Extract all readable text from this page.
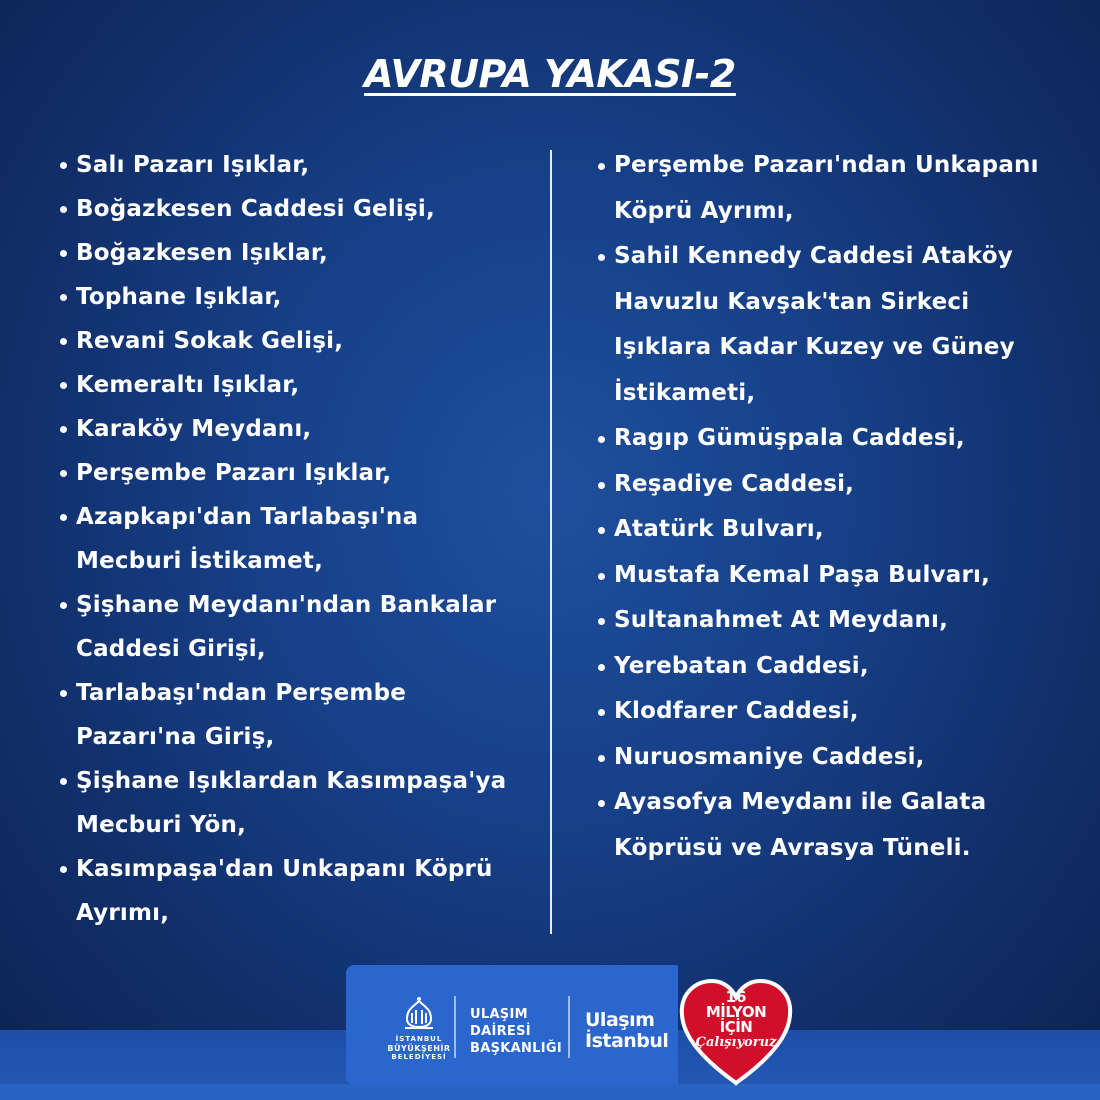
AVRUPA YAKASI-2
Salı Pazarı Işıklar,
Boğazkesen Caddesi Gelişi,
Boğazkesen Işıklar,
Tophane Işıklar,
Revani Sokak Gelişi,
Kemeraltı Işıklar,
Karaköy Meydanı,
Perşembe Pazarı Işıklar,
Azapkapı'dan Tarlabaşı'na
Mecburi İstikamet,
Şişhane Meydanı'ndan Bankalar
Caddesi Girişi,
Tarlabaşı'ndan Perşembe
Pazarı'na Giriş,
Şişhane Işıklardan Kasımpaşa'ya
Mecburi Yön,
Kasımpaşa'dan Unkapanı Köprü
Ayrımı,
Perşembe Pazarı'ndan Unkapanı
Köprü Ayrımı,
Sahil Kennedy Caddesi Ataköy
Havuzlu Kavşak'tan Sirkeci
Işıklara Kadar Kuzey ve Güney
İstikameti,
Ragıp Gümüşpala Caddesi,
Reşadiye Caddesi,
Atatürk Bulvarı,
Mustafa Kemal Paşa Bulvarı,
Sultanahmet At Meydanı,
Yerebatan Caddesi,
Klodfarer Caddesi,
Nuruosmaniye Caddesi,
Ayasofya Meydanı ile Galata
Köprüsü ve Avrasya Tüneli.
İSTANBUL
BÜYÜKŞEHİR
BELEDİYESİ
ULAŞIM
DAİRESİ
BAŞKANLIĞI
Ulaşım
İstanbul
16
MİLYON
İÇİN
Çalışıyoruz
